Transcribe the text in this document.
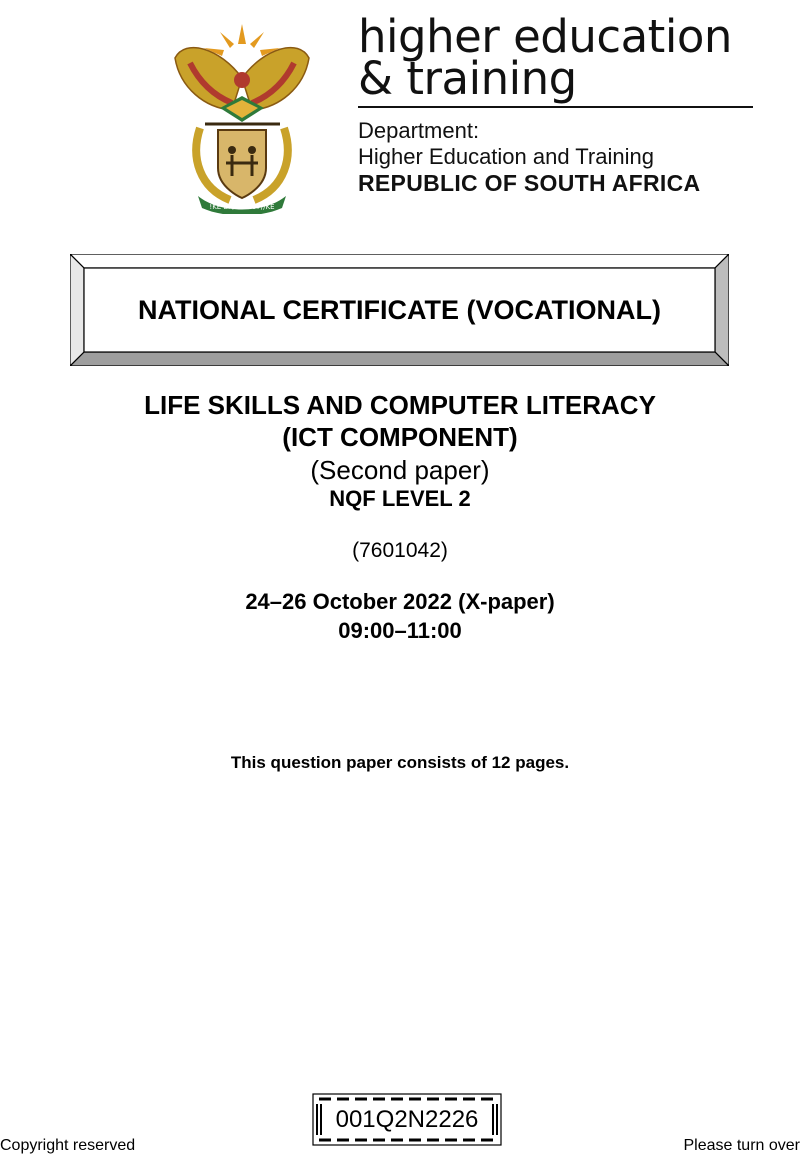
!KE E: /XARRA //KE
higher education
& training
Department:
Higher Education and Training
REPUBLIC OF SOUTH AFRICA
NATIONAL CERTIFICATE (VOCATIONAL)
LIFE SKILLS AND COMPUTER LITERACY
(ICT COMPONENT)
(Second paper)
NQF LEVEL 2
(7601042)
24–26 October 2022 (X-paper)
09:00–11:00
This question paper consists of 12 pages.
001Q2N2226
Copyright reserved	Please turn over
